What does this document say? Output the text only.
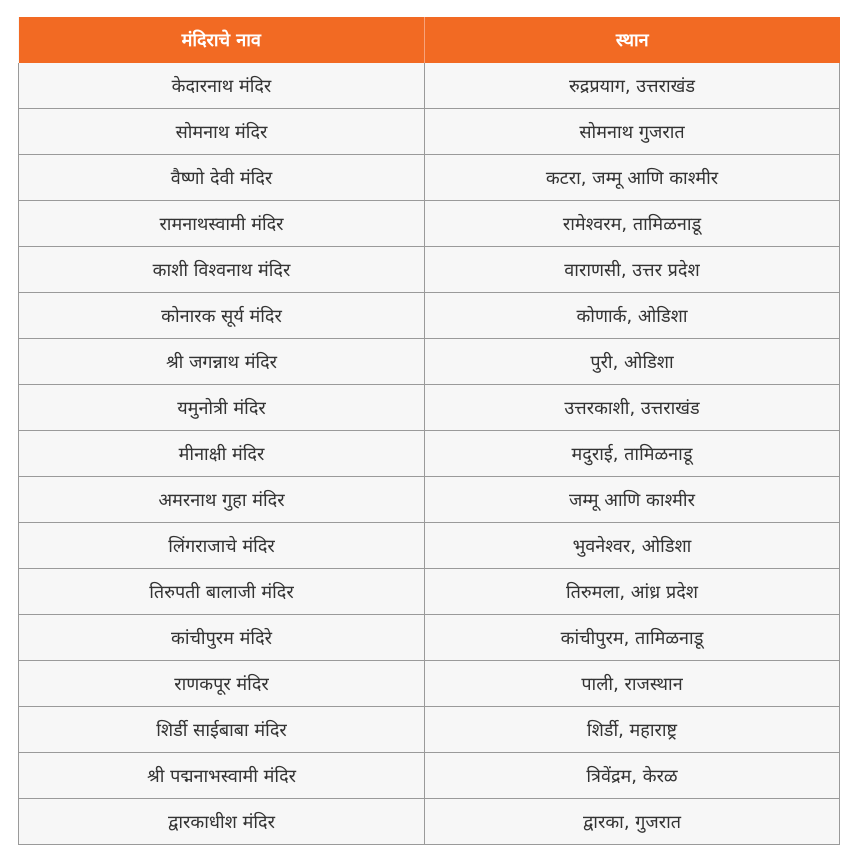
मंदिराचे नाव	स्थान
केदारनाथ मंदिर	रुद्रप्रयाग, उत्तराखंड
सोमनाथ मंदिर	सोमनाथ गुजरात
वैष्णो देवी मंदिर	कटरा, जम्मू आणि काश्मीर
रामनाथस्वामी मंदिर	रामेश्वरम, तामिळनाडू
काशी विश्वनाथ मंदिर	वाराणसी, उत्तर प्रदेश
कोनारक सूर्य मंदिर	कोणार्क, ओडिशा
श्री जगन्नाथ मंदिर	पुरी, ओडिशा
यमुनोत्री मंदिर	उत्तरकाशी, उत्तराखंड
मीनाक्षी मंदिर	मदुराई, तामिळनाडू
अमरनाथ गुहा मंदिर	जम्मू आणि काश्मीर
लिंगराजाचे मंदिर	भुवनेश्वर, ओडिशा
तिरुपती बालाजी मंदिर	तिरुमला, आंध्र प्रदेश
कांचीपुरम मंदिरे	कांचीपुरम, तामिळनाडू
राणकपूर मंदिर	पाली, राजस्थान
शिर्डी साईबाबा मंदिर	शिर्डी, महाराष्ट्र
श्री पद्मनाभस्वामी मंदिर	त्रिवेंद्रम, केरळ
द्वारकाधीश मंदिर	द्वारका, गुजरात
